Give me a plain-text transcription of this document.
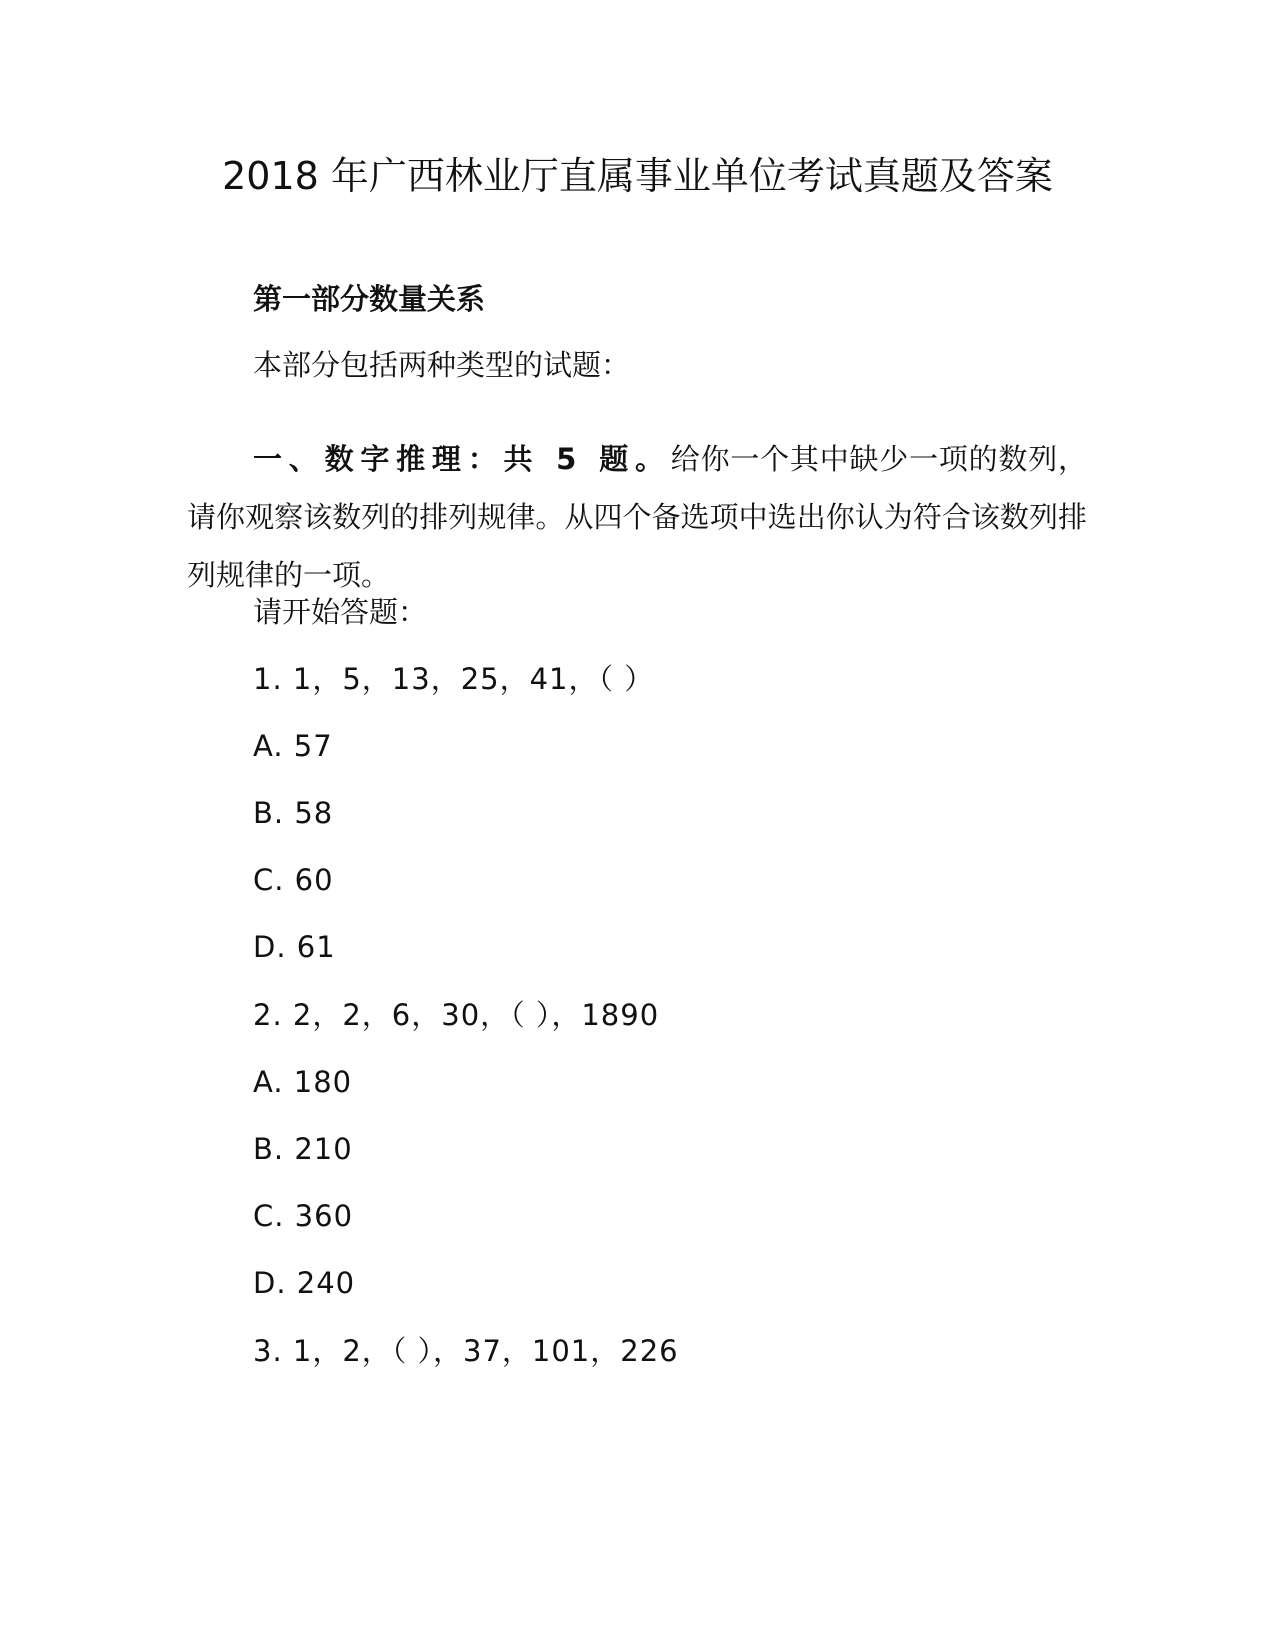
2018 年广西林业厅直属事业单位考试真题及答案
第一部分数量关系
本部分包括两种类型的试题：

一、数字推理：共 5 题。给你一个其中缺少一项的数列，请你观察该数列的排列规律。从四个备选项中选出你认为符合该数列排列规律的一项。

请开始答题：
1. 1，5，13，25，41，（ ）
A. 57
B. 58
C. 60
D. 61
2. 2，2，6，30，（ ），1890
A. 180
B. 210
C. 360
D. 240
3. 1，2，（ ），37，101，226
